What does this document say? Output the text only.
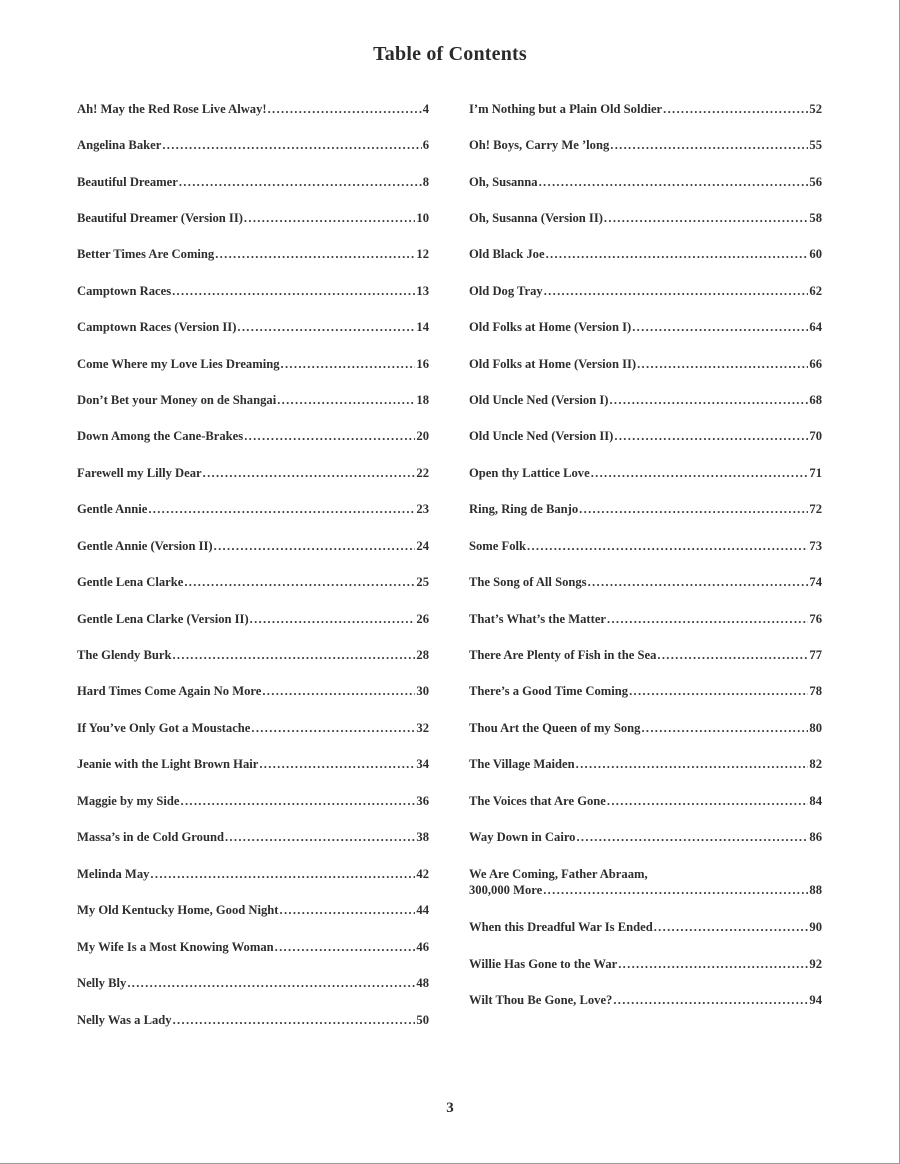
Table of Contents
Ah! May the Red Rose Live Alway! .....	4
Angelina Baker .....	6
Beautiful Dreamer .....	8
Beautiful Dreamer (Version II) .....	10
Better Times Are Coming .....	12
Camptown Races .....	13
Camptown Races (Version II) .....	14
Come Where my Love Lies Dreaming .....	16
Don’t Bet your Money on de Shangai .....	18
Down Among the Cane-Brakes .....	20
Farewell my Lilly Dear .....	22
Gentle Annie .....	23
Gentle Annie (Version II) .....	24
Gentle Lena Clarke .....	25
Gentle Lena Clarke (Version II) .....	26
The Glendy Burk .....	28
Hard Times Come Again No More .....	30
If You’ve Only Got a Moustache .....	32
Jeanie with the Light Brown Hair .....	34
Maggie by my Side .....	36
Massa’s in de Cold Ground .....	38
Melinda May .....	42
My Old Kentucky Home, Good Night .....	44
My Wife Is a Most Knowing Woman .....	46
Nelly Bly .....	48
Nelly Was a Lady .....	50
I’m Nothing but a Plain Old Soldier .....	52
Oh! Boys, Carry Me ’long .....	55
Oh, Susanna .....	56
Oh, Susanna (Version II) .....	58
Old Black Joe .....	60
Old Dog Tray .....	62
Old Folks at Home (Version I) .....	64
Old Folks at Home (Version II) .....	66
Old Uncle Ned (Version I) .....	68
Old Uncle Ned (Version II) .....	70
Open thy Lattice Love .....	71
Ring, Ring de Banjo .....	72
Some Folk .....	73
The Song of All Songs .....	74
That’s What’s the Matter .....	76
There Are Plenty of Fish in the Sea .....	77
There’s a Good Time Coming .....	78
Thou Art the Queen of my Song .....	80
The Village Maiden .....	82
The Voices that Are Gone .....	84
Way Down in Cairo .....	86
We Are Coming, Father Abraam,
300,000 More .....	88
When this Dreadful War Is Ended .....	90
Willie Has Gone to the War .....	92
Wilt Thou Be Gone, Love? .....	94
3
